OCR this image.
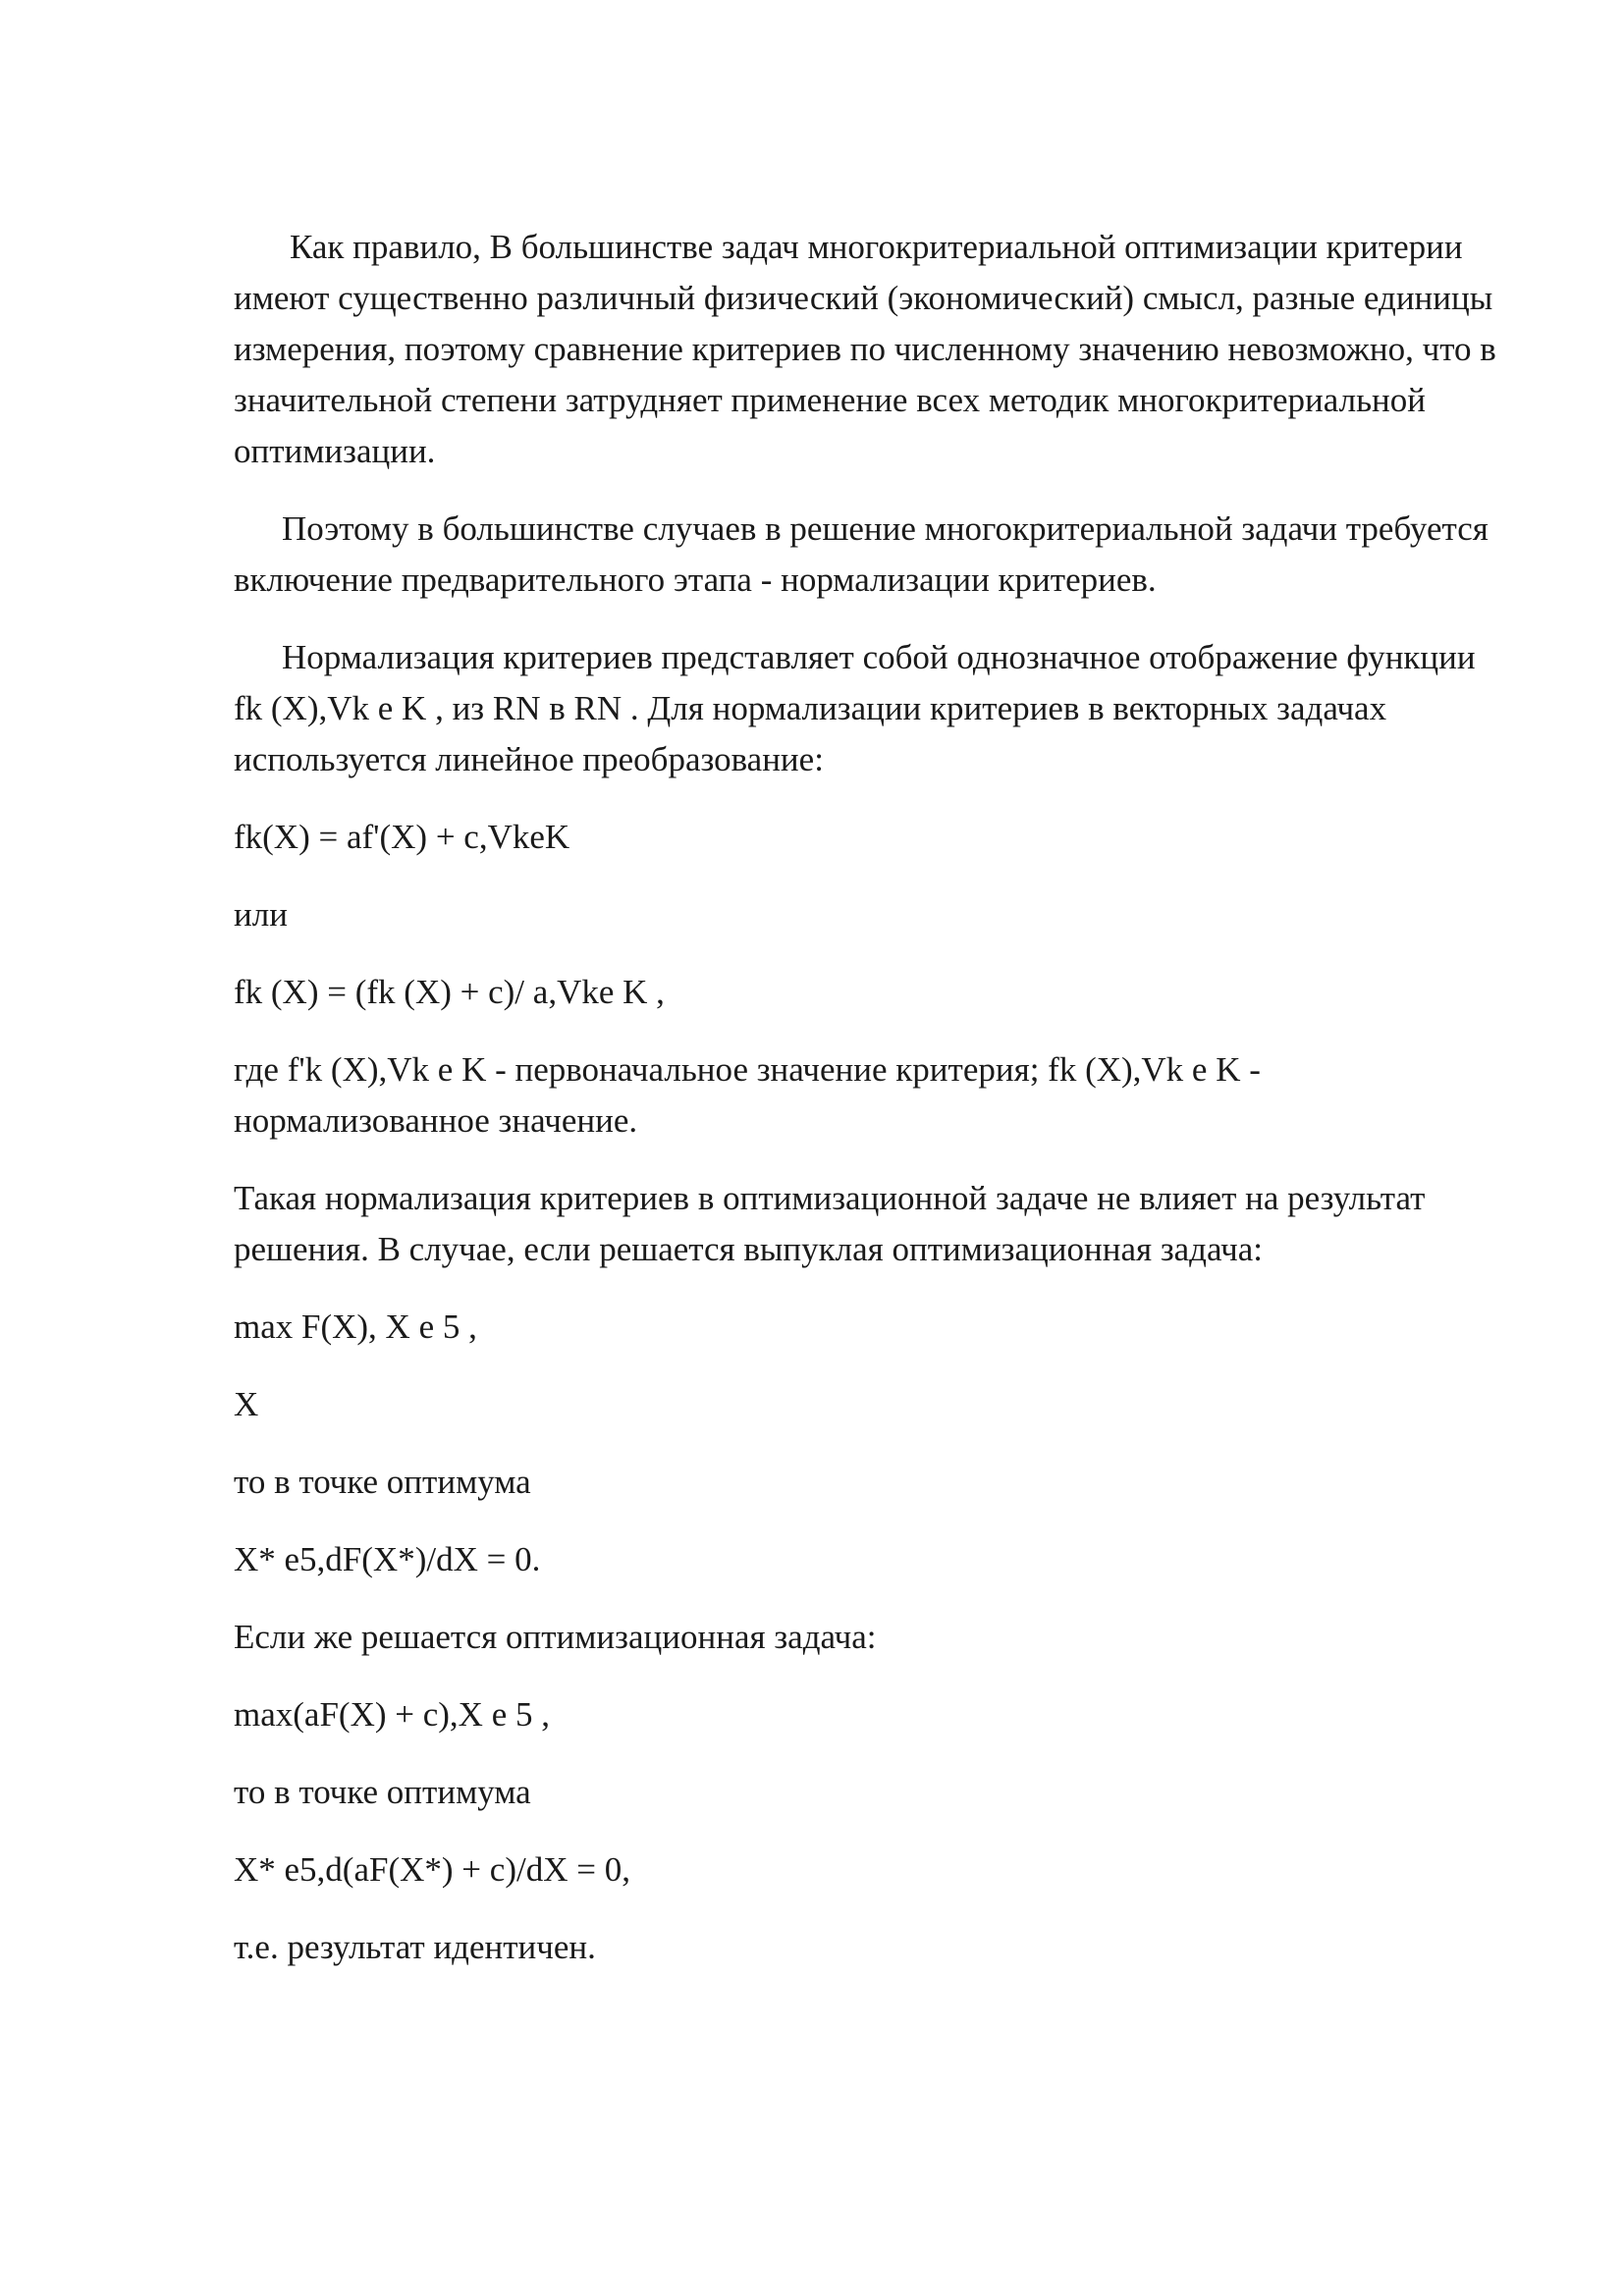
Как правило, В большинстве задач многокритериальной оптимизации критерии имеют существенно различный физический (экономический) смысл, разные единицы измерения, поэтому сравнение критериев по численному значению невозможно, что в значительной степени затрудняет применение всех методик многокритериальной оптимизации.

Поэтому в большинстве случаев в решение многокритериальной задачи требуется включение предварительного этапа - нормализации критериев.

Нормализация критериев представляет собой однозначное отображение функции fk (X),Vk е K , из RN в RN . Для нормализации критериев в векторных задачах используется линейное преобразование:

fk(X) = af'(X) + с,VkeK

или

fk (X) = (fk (X) + с)/ a,Vke K ,

где f'k (X),Vk е K - первоначальное значение критерия; fk (X),Vk е K - нормализованное значение.

Такая нормализация критериев в оптимизационной задаче не влияет на результат решения. В случае, если решается выпуклая оптимизационная задача:

max F(X), X е 5 ,

X

то в точке оптимума

X* е5,dF(X*)/dX = 0.

Если же решается оптимизационная задача:

max(aF(X) + с),X е 5 ,

то в точке оптимума

X* е5,d(aF(X*) + с)/dX = 0,

т.е. результат идентичен.
